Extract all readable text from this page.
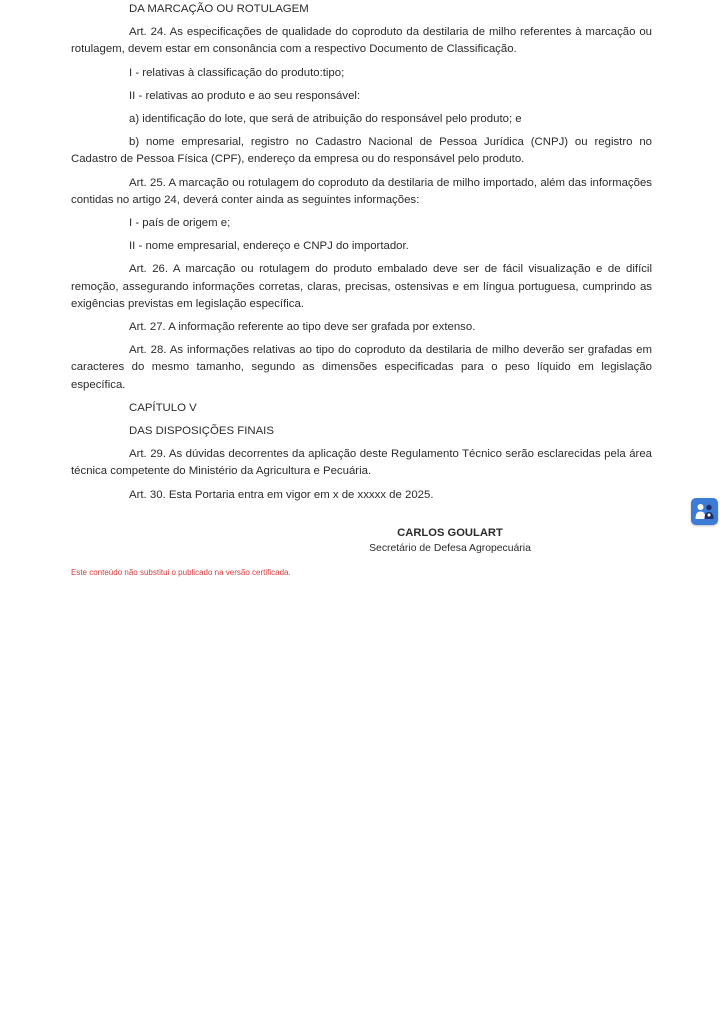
DA MARCAÇÃO OU ROTULAGEM

Art. 24. As especificações de qualidade do coproduto da destilaria de milho referentes à marcação ou rotulagem, devem estar em consonância com a respectivo Documento de Classificação.

I - relativas à classificação do produto:tipo;

II - relativas ao produto e ao seu responsável:

a) identificação do lote, que será de atribuição do responsável pelo produto; e

b) nome empresarial, registro no Cadastro Nacional de Pessoa Jurídica (CNPJ) ou registro no Cadastro de Pessoa Física (CPF), endereço da empresa ou do responsável pelo produto.

Art. 25. A marcação ou rotulagem do coproduto da destilaria de milho importado, além das informações contidas no artigo 24, deverá conter ainda as seguintes informações:

I - país de origem e;

II - nome empresarial, endereço e CNPJ do importador.

Art. 26. A marcação ou rotulagem do produto embalado deve ser de fácil visualização e de difícil remoção, assegurando informações corretas, claras, precisas, ostensivas e em língua portuguesa, cumprindo as exigências previstas em legislação específica.

Art. 27. A informação referente ao tipo deve ser grafada por extenso.

Art. 28. As informações relativas ao tipo do coproduto da destilaria de milho deverão ser grafadas em caracteres do mesmo tamanho, segundo as dimensões especificadas para o peso líquido em legislação específica.

CAPÍTULO V

DAS DISPOSIÇÕES FINAIS

Art. 29. As dúvidas decorrentes da aplicação deste Regulamento Técnico serão esclarecidas pela área técnica competente do Ministério da Agricultura e Pecuária.

Art. 30. Esta Portaria entra em vigor em x de xxxxx de 2025.

CARLOS GOULART
Secretário de Defesa Agropecuária
Este conteúdo não substitui o publicado na versão certificada.
